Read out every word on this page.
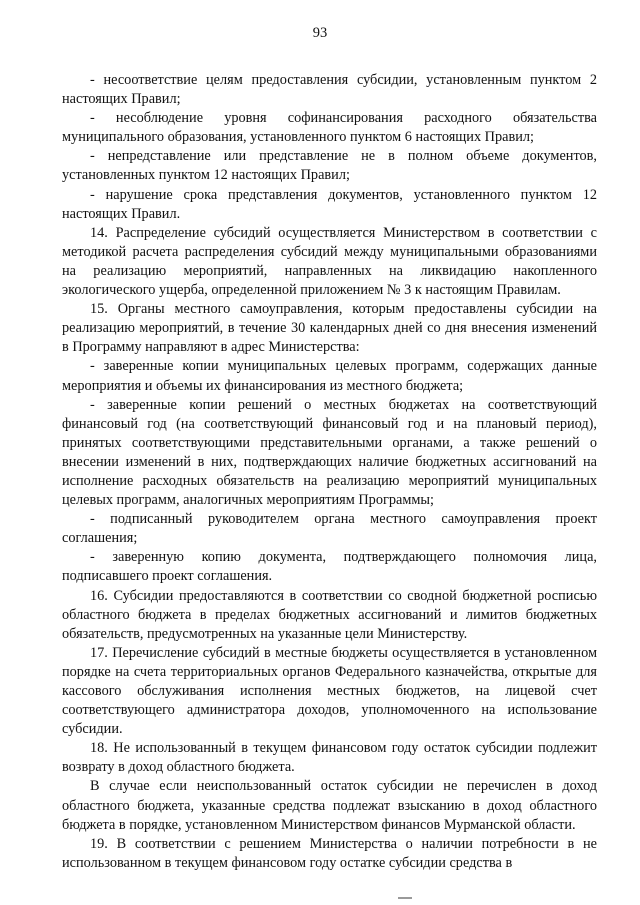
93

- несоответствие целям предоставления субсидии, установленным пунктом 2 настоящих Правил;

- несоблюдение уровня софинансирования расходного обязательства муниципального образования, установленного пунктом 6 настоящих Правил;

- непредставление или представление не в полном объеме документов, установленных пунктом 12 настоящих Правил;

- нарушение срока представления документов, установленного пунктом 12 настоящих Правил.

14. Распределение субсидий осуществляется Министерством в соответствии с методикой расчета распределения субсидий между муниципальными образованиями на реализацию мероприятий, направленных на ликвидацию накопленного экологического ущерба, определенной приложением № 3 к настоящим Правилам.

15. Органы местного самоуправления, которым предоставлены субсидии на реализацию мероприятий, в течение 30 календарных дней со дня внесения изменений в Программу направляют в адрес Министерства:

- заверенные копии муниципальных целевых программ, содержащих данные мероприятия и объемы их финансирования из местного бюджета;

- заверенные копии решений о местных бюджетах на соответствующий финансовый год (на соответствующий финансовый год и на плановый период), принятых соответствующими представительными органами, а также решений о внесении изменений в них, подтверждающих наличие бюджетных ассигнований на исполнение расходных обязательств на реализацию мероприятий муниципальных целевых программ, аналогичных мероприятиям Программы;

- подписанный руководителем органа местного самоуправления проект соглашения;

- заверенную копию документа, подтверждающего полномочия лица, подписавшего проект соглашения.

16. Субсидии предоставляются в соответствии со сводной бюджетной росписью областного бюджета в пределах бюджетных ассигнований и лимитов бюджетных обязательств, предусмотренных на указанные цели Министерству.

17. Перечисление субсидий в местные бюджеты осуществляется в установленном порядке на счета территориальных органов Федерального казначейства, открытые для кассового обслуживания исполнения местных бюджетов, на лицевой счет соответствующего администратора доходов, уполномоченного на использование субсидии.

18. Не использованный в текущем финансовом году остаток субсидии подлежит возврату в доход областного бюджета.

В случае если неиспользованный остаток субсидии не перечислен в доход областного бюджета, указанные средства подлежат взысканию в доход областного бюджета в порядке, установленном Министерством финансов Мурманской области.

19. В соответствии с решением Министерства о наличии потребности в не использованном в текущем финансовом году остатке субсидии средства в
